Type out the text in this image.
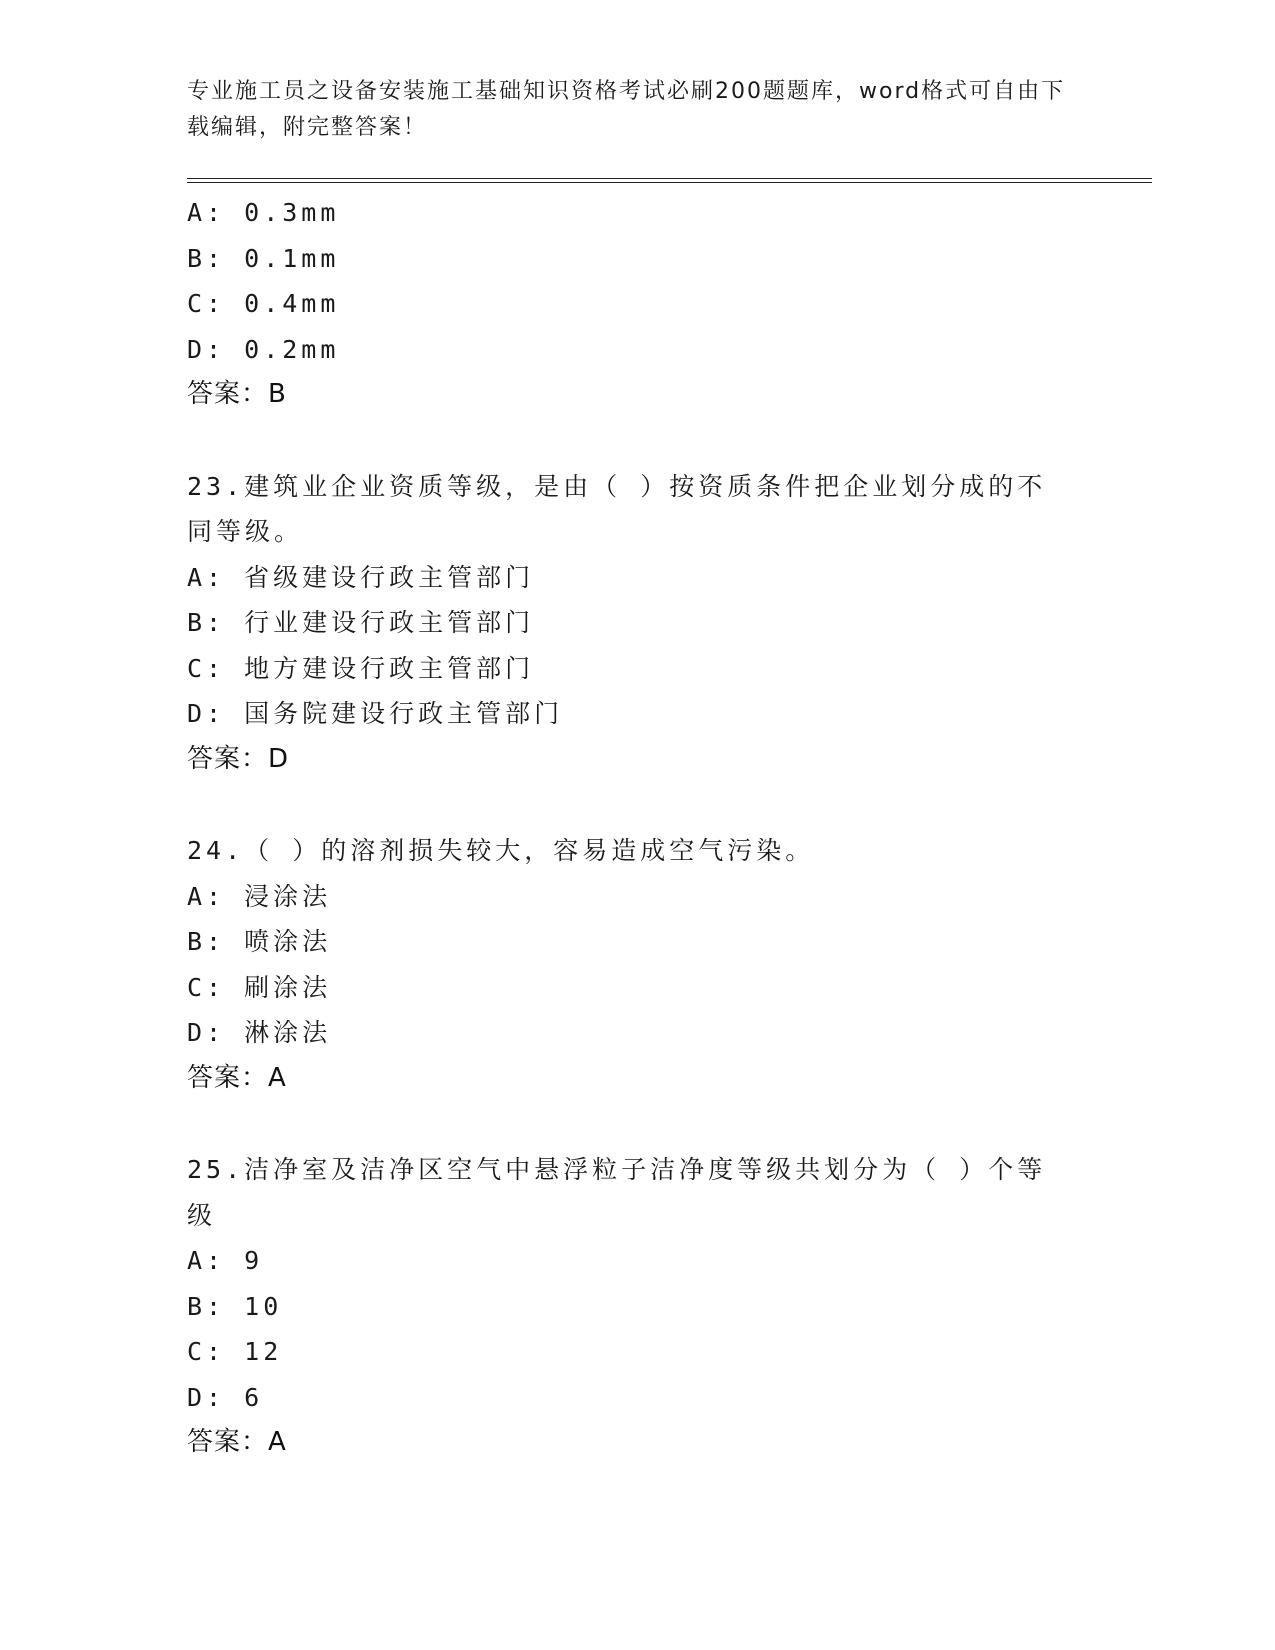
专业施工员之设备安装施工基础知识资格考试必刷200题题库，word格式可自由下载编辑，附完整答案！
A: 0.3mm
B: 0.1mm
C: 0.4mm
D: 0.2mm
答案：B
23.建筑业企业资质等级，是由（ ）按资质条件把企业划分成的不同等级。
A: 省级建设行政主管部门
B: 行业建设行政主管部门
C: 地方建设行政主管部门
D: 国务院建设行政主管部门
答案：D
24.（ ）的溶剂损失较大，容易造成空气污染。
A: 浸涂法
B: 喷涂法
C: 刷涂法
D: 淋涂法
答案：A
25.洁净室及洁净区空气中悬浮粒子洁净度等级共划分为（ ）个等级
A: 9
B: 10
C: 12
D: 6
答案：A
